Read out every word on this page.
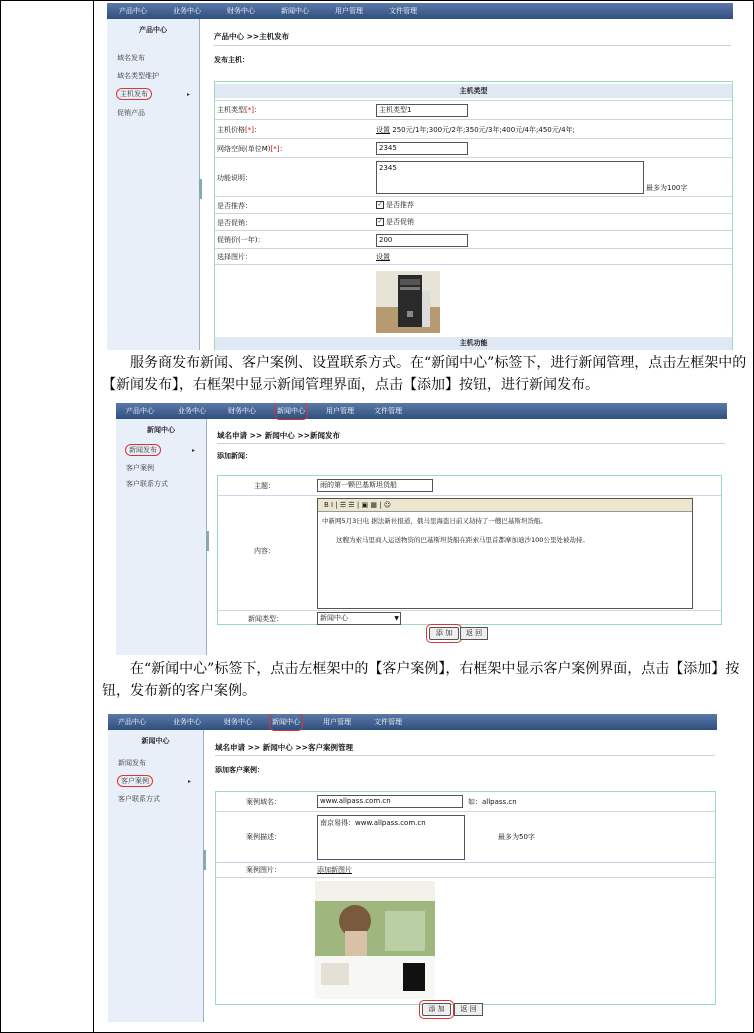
产品中心	业务中心	财务中心	新闻中心	用户管理	文件管理
产品中心
域名发布
域名类型维护
主机发布	▸
促销产品
产品中心 >>主机发布
发布主机：
主机类型
主机类型[*]：	主机类型1
主机价格[*]：	设置 250元/1年;300元/2年;350元/3年;400元/4年;450元/4年;
网络空间(单位M)[*]：	2345
功能说明：
2345
最多为100字
是否推荐：	✓ 是否推荐
是否促销：	✓ 是否促销
促销价(一年)：	200
选择图片：	设置
主机功能
服务商发布新闻、客户案例、设置联系方式。在“新闻中心”标签下，进行新闻管理，点击左框架中的【新闻发布】，右框架中显示新闻管理界面，点击【添加】按钮，进行新闻发布。
产品中心	业务中心	财务中心	新闻中心	用户管理	文件管理
新闻中心
新闻发布	▸
客户案例
客户联系方式
域名申请 >> 新闻中心 >>新闻发布
添加新闻：
主题：	雨的第一颗巴基斯坦货船
内容：
B I | ☰ ☰ | ▣ ▦ | ☺
中新网5月3日电 据法新社报道，俄马里海盗日前又劫持了一艘巴基斯坦货船。
这艘为索马里商人运送物资的巴基斯坦货船在距索马里首都摩加迪沙100公里处被劫持。
新闻类型：	新闻中心	▼
添 加	返 回
在“新闻中心”标签下，点击左框架中的【客户案例】，右框架中显示客户案例界面，点击【添加】按钮，发布新的客户案例。
产品中心	业务中心	财务中心	新闻中心	用户管理	文件管理
新闻中心
新闻发布
客户案例	▸
客户联系方式
域名申请 >> 新闻中心 >>客户案例管理
添加客户案例：
案例域名：	www.allpass.com.cn	如：allpass.cn
案例描述：
南京易得：www.allpass.com.cn
最多为50字
案例图片：	添加新图片
添 加	返 回
